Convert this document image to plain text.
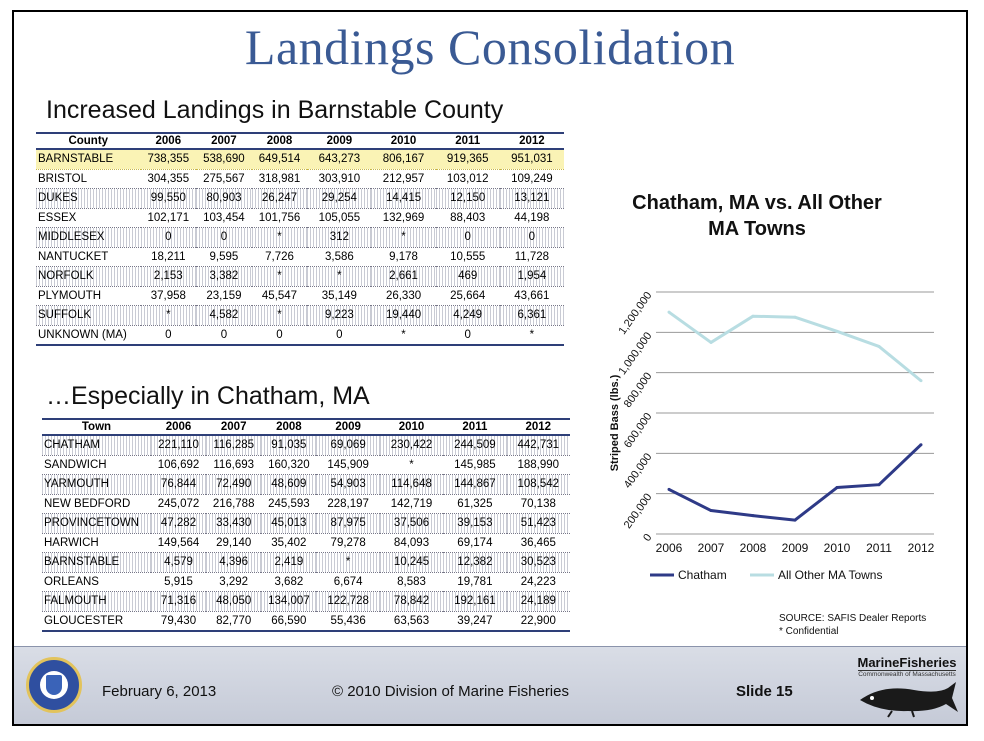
Landings Consolidation
Increased Landings in Barnstable County
County	2006	2007	2008	2009	2010	2011	2012
BARNSTABLE	738,355	538,690	649,514	643,273	806,167	919,365	951,031
BRISTOL	304,355	275,567	318,981	303,910	212,957	103,012	109,249
DUKES	99,550	80,903	26,247	29,254	14,415	12,150	13,121
ESSEX	102,171	103,454	101,756	105,055	132,969	88,403	44,198
MIDDLESEX	0	0	*	312	*	0	0
NANTUCKET	18,211	9,595	7,726	3,586	9,178	10,555	11,728
NORFOLK	2,153	3,382	*	*	2,661	469	1,954
PLYMOUTH	37,958	23,159	45,547	35,149	26,330	25,664	43,661
SUFFOLK	*	4,582	*	9,223	19,440	4,249	6,361
UNKNOWN (MA)	0	0	0	0	*	0	*
…Especially in Chatham, MA
Town	2006	2007	2008	2009	2010	2011	2012
CHATHAM	221,110	116,285	91,035	69,069	230,422	244,509	442,731
SANDWICH	106,692	116,693	160,320	145,909	*	145,985	188,990
YARMOUTH	76,844	72,490	48,609	54,903	114,648	144,867	108,542
NEW BEDFORD	245,072	216,788	245,593	228,197	142,719	61,325	70,138
PROVINCETOWN	47,282	33,430	45,013	87,975	37,506	39,153	51,423
HARWICH	149,564	29,140	35,402	79,278	84,093	69,174	36,465
BARNSTABLE	4,579	4,396	2,419	*	10,245	12,382	30,523
ORLEANS	5,915	3,292	3,682	6,674	8,583	19,781	24,223
FALMOUTH	71,316	48,050	134,007	122,728	78,842	192,161	24,189
GLOUCESTER	79,430	82,770	66,590	55,436	63,563	39,247	22,900
Chatham, MA vs. All Other MA Towns
0
200,000
400,000
600,000
800,000
1,000,000
1,200,000
Striped Bass (lbs.)
2006 2007 2008 2009 2010 2011 2012
Chatham	All Other MA Towns
SOURCE: SAFIS Dealer Reports
* Confidential
February 6, 2013	© 2010 Division of Marine Fisheries	Slide 15
MarineFisheries
Commonwealth of Massachusetts
